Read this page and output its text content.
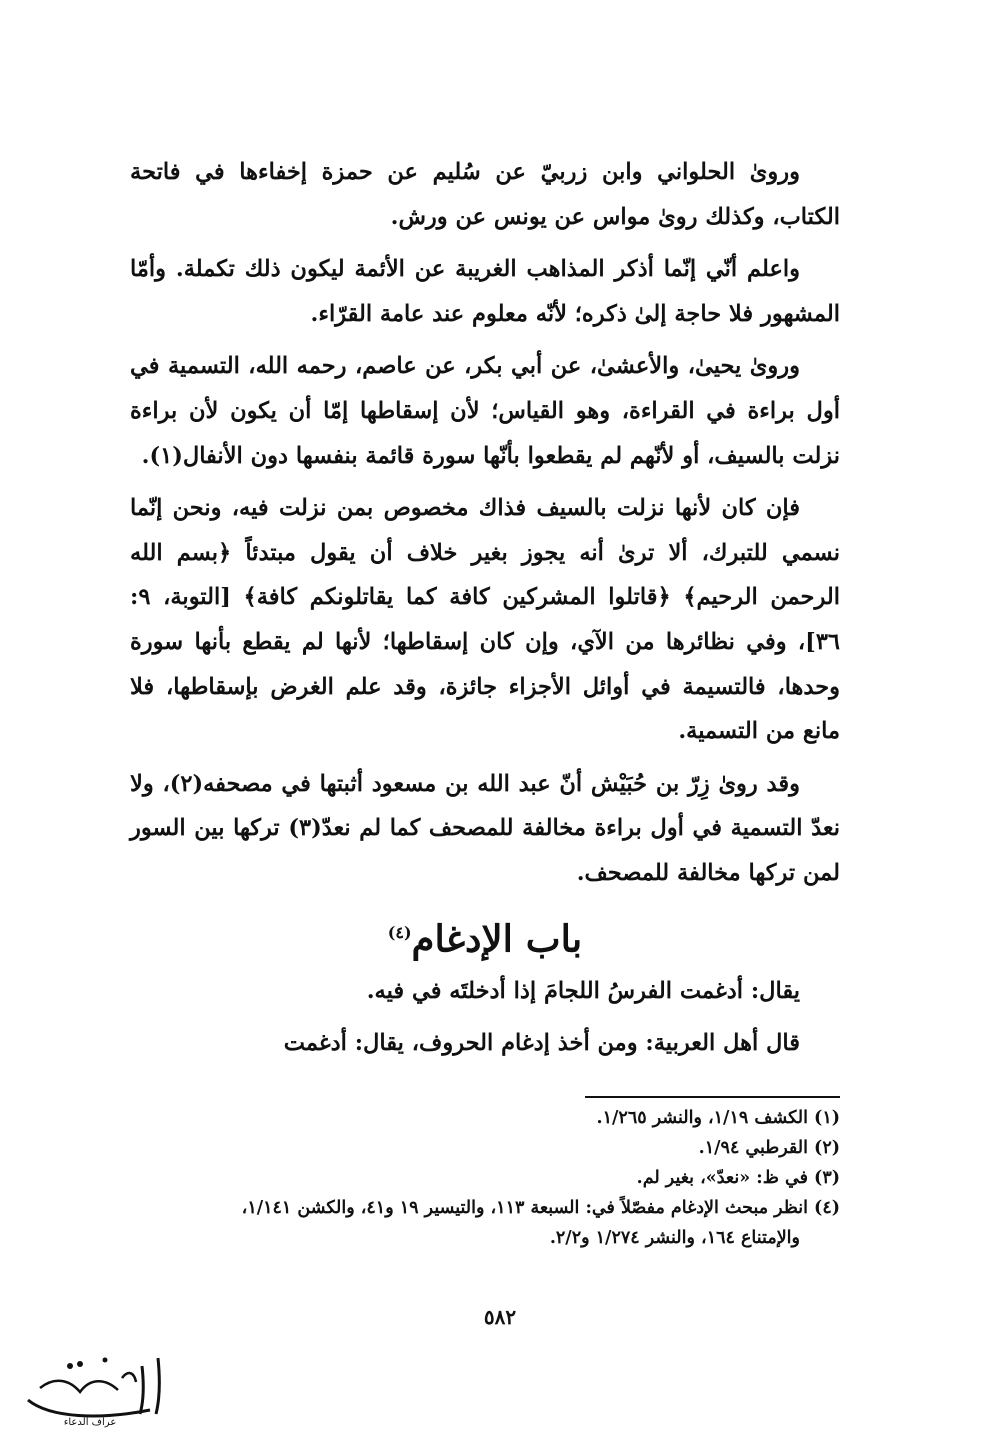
ورویٰ الحلواني وابن زربيّ عن سُليم عن حمزة إخفاءها في فاتحة الكتاب، وكذلك روىٰ مواس عن يونس عن ورش.

واعلم أنّي إنّما أذكر المذاهب الغريبة عن الأئمة ليكون ذلك تكملة. وأمّا المشهور فلا حاجة إلىٰ ذكره؛ لأنّه معلوم عند عامة القرّاء.

وروىٰ يحيىٰ، والأعشىٰ، عن أبي بكر، عن عاصم، رحمه الله، التسمية في أول براءة في القراءة، وهو القياس؛ لأن إسقاطها إمّا أن يكون لأن براءة نزلت بالسيف، أو لأنّهم لم يقطعوا بأنّها سورة قائمة بنفسها دون الأنفال(١).

فإن كان لأنها نزلت بالسيف فذاك مخصوص بمن نزلت فيه، ونحن إنّما نسمي للتبرك، ألا ترىٰ أنه يجوز بغير خلاف أن يقول مبتدئاً ﴿بسم الله الرحمن الرحيم﴾ ﴿قاتلوا المشركين كافة كما يقاتلونكم كافة﴾ [التوبة، ٩: ٣٦]، وفي نظائرها من الآي، وإن كان إسقاطها؛ لأنها لم يقطع بأنها سورة وحدها، فالتسيمة في أوائل الأجزاء جائزة، وقد علم الغرض بإسقاطها، فلا مانع من التسمية.

وقد روىٰ زِرّ بن حُبَيْش أنّ عبد الله بن مسعود أثبتها في مصحفه(٢)، ولا نعدّ التسمية في أول براءة مخالفة للمصحف كما لم نعدّ(٣) تركها بين السور لمن تركها مخالفة للمصحف.

باب الإدغام$^{(٤)}$

يقال: أدغمت الفرسُ اللجامَ إذا أدخلتَه في فيه.

قال أهل العربية: ومن أخذ إدغام الحروف، يقال: أدغمت

(١) الكشف ١/١٩، والنشر ١/٢٦٥.

(٢) القرطبي ١/٩٤.

(٣) في ظ: «نعدّ»، بغير لم.

(٤) انظر مبحث الإدغام مفصّلاً في: السبعة ١١٣، والتيسير ١٩ و٤١، والكشن ١/١٤١،
والإمتناع ١٦٤، والنشر ١/٢٧٤ و٢/٢.

٥٨٢
عراف الدعاء
